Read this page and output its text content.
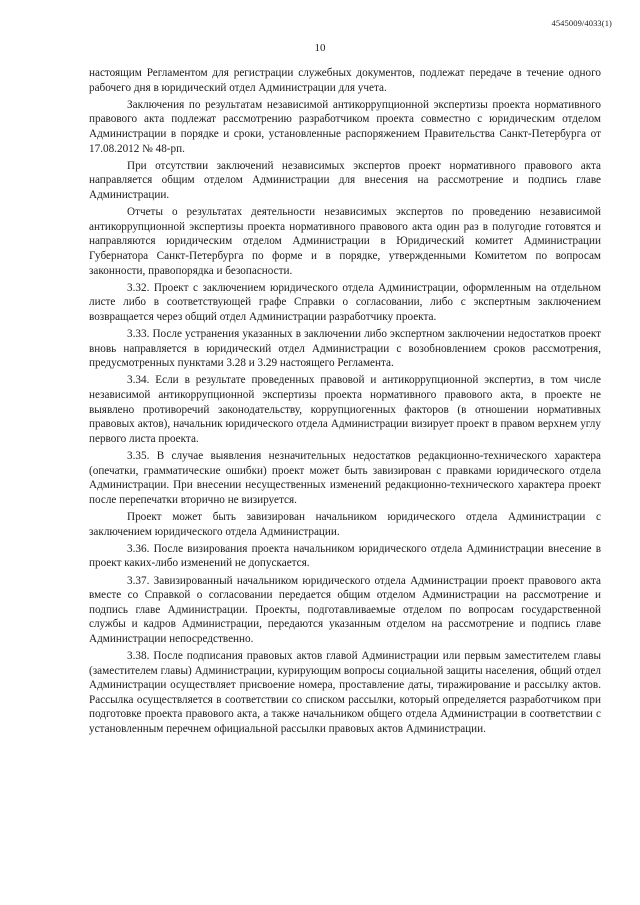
4545009/4033(1)
10

настоящим Регламентом для регистрации служебных документов, подлежат передаче в течение одного рабочего дня в юридический отдел Администрации для учета.

Заключения по результатам независимой антикоррупционной экспертизы проекта нормативного правового акта подлежат рассмотрению разработчиком проекта совместно с юридическим отделом Администрации в порядке и сроки, установленные распоряжением Правительства Санкт-Петербурга от 17.08.2012 № 48-рп.

При отсутствии заключений независимых экспертов проект нормативного правового акта направляется общим отделом Администрации для внесения на рассмотрение и подпись главе Администрации.

Отчеты о результатах деятельности независимых экспертов по проведению независимой антикоррупционной экспертизы проекта нормативного правового акта один раз в полугодие готовятся и направляются юридическим отделом Администрации в Юридический комитет Администрации Губернатора Санкт-Петербурга по форме и в порядке, утвержденными Комитетом по вопросам законности, правопорядка и безопасности.

3.32. Проект с заключением юридического отдела Администрации, оформленным на отдельном листе либо в соответствующей графе Справки о согласовании, либо с экспертным заключением возвращается через общий отдел Администрации разработчику проекта.

3.33. После устранения указанных в заключении либо экспертном заключении недостатков проект вновь направляется в юридический отдел Администрации с возобновлением сроков рассмотрения, предусмотренных пунктами 3.28 и 3.29 настоящего Регламента.

3.34. Если в результате проведенных правовой и антикоррупционной экспертиз, в том числе независимой антикоррупционной экспертизы проекта нормативного правового акта, в проекте не выявлено противоречий законодательству, коррупциогенных факторов (в отношении нормативных правовых актов), начальник юридического отдела Администрации визирует проект в правом верхнем углу первого листа проекта.

3.35. В случае выявления незначительных недостатков редакционно-технического характера (опечатки, грамматические ошибки) проект может быть завизирован с правками юридического отдела Администрации. При внесении несущественных изменений редакционно-технического характера проект после перепечатки вторично не визируется.

Проект может быть завизирован начальником юридического отдела Администрации с заключением юридического отдела Администрации.

3.36. После визирования проекта начальником юридического отдела Администрации внесение в проект каких-либо изменений не допускается.

3.37. Завизированный начальником юридического отдела Администрации проект правового акта вместе со Справкой о согласовании передается общим отделом Администрации на рассмотрение и подпись главе Администрации. Проекты, подготавливаемые отделом по вопросам государственной службы и кадров Администрации, передаются указанным отделом на рассмотрение и подпись главе Администрации непосредственно.

3.38. После подписания правовых актов главой Администрации или первым заместителем главы (заместителем главы) Администрации, курирующим вопросы социальной защиты населения, общий отдел Администрации осуществляет присвоение номера, проставление даты, тиражирование и рассылку актов. Рассылка осуществляется в соответствии со списком рассылки, который определяется разработчиком при подготовке проекта правового акта, а также начальником общего отдела Администрации в соответствии с установленным перечнем официальной рассылки правовых актов Администрации.
